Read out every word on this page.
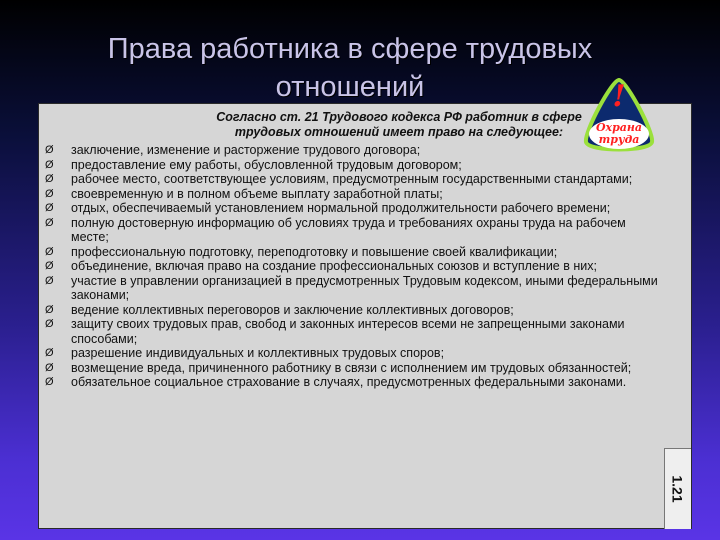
Права работника в сфере трудовых отношений
Согласно ст. 21 Трудового кодекса РФ работник в сфере трудовых отношений имеет право на следующее:
Ø заключение, изменение и расторжение трудового договора;
Ø предоставление ему работы, обусловленной трудовым договором;
Ø рабочее место, соответствующее условиям, предусмотренным государственными стандартами;
Ø своевременную и в полном объеме выплату заработной платы;
Ø отдых, обеспечиваемый установлением нормальной продолжительности рабочего времени;
Ø полную достоверную информацию об условиях труда и требованиях охраны труда на рабочем месте;
Ø профессиональную подготовку, переподготовку и повышение своей квалификации;
Ø объединение, включая право на создание профессиональных союзов и вступление в них;
Ø участие в управлении организацией в предусмотренных Трудовым кодексом, иными федеральными законами;
Ø ведение коллективных переговоров и заключение коллективных договоров;
Ø защиту своих трудовых прав, свобод и законных интересов всеми не запрещенными законами способами;
Ø разрешение индивидуальных и коллективных трудовых споров;
Ø возмещение вреда, причиненного работнику в связи с исполнением им трудовых обязанностей;
Ø обязательное социальное страхование в случаях, предусмотренных федеральными законами.
1.21
!
Охрана
труда
